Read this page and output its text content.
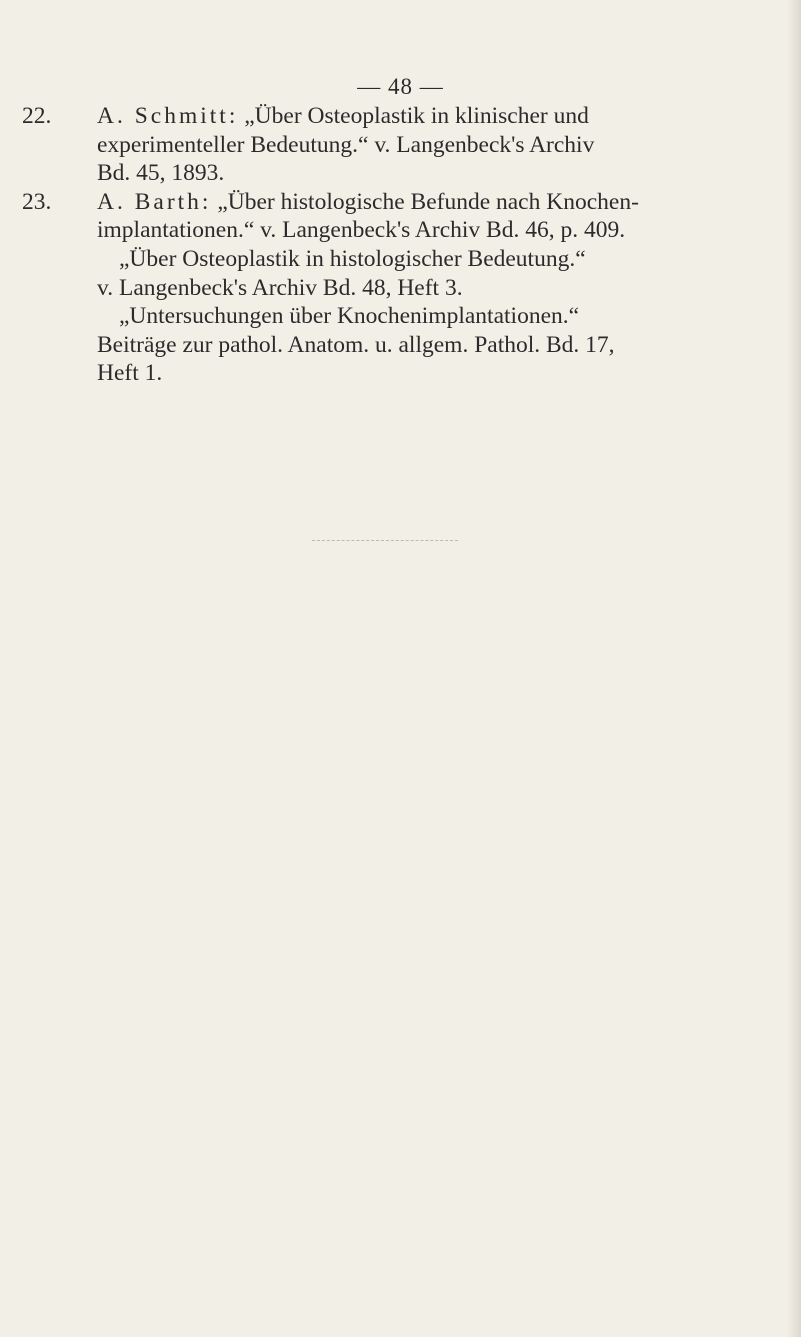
— 48 —
22.	A. Schmitt: „Über Osteoplastik in klinischer und
experimenteller Bedeutung.“ v. Langenbeck's Archiv
Bd. 45, 1893.
23.	A. Barth: „Über histologische Befunde nach Knochen-
implantationen.“ v. Langenbeck's Archiv Bd. 46, p. 409.
„Über Osteoplastik in histologischer Bedeutung.“
v. Langenbeck's Archiv Bd. 48, Heft 3.
„Untersuchungen über Knochenimplantationen.“
Beiträge zur pathol. Anatom. u. allgem. Pathol. Bd. 17,
Heft 1.
